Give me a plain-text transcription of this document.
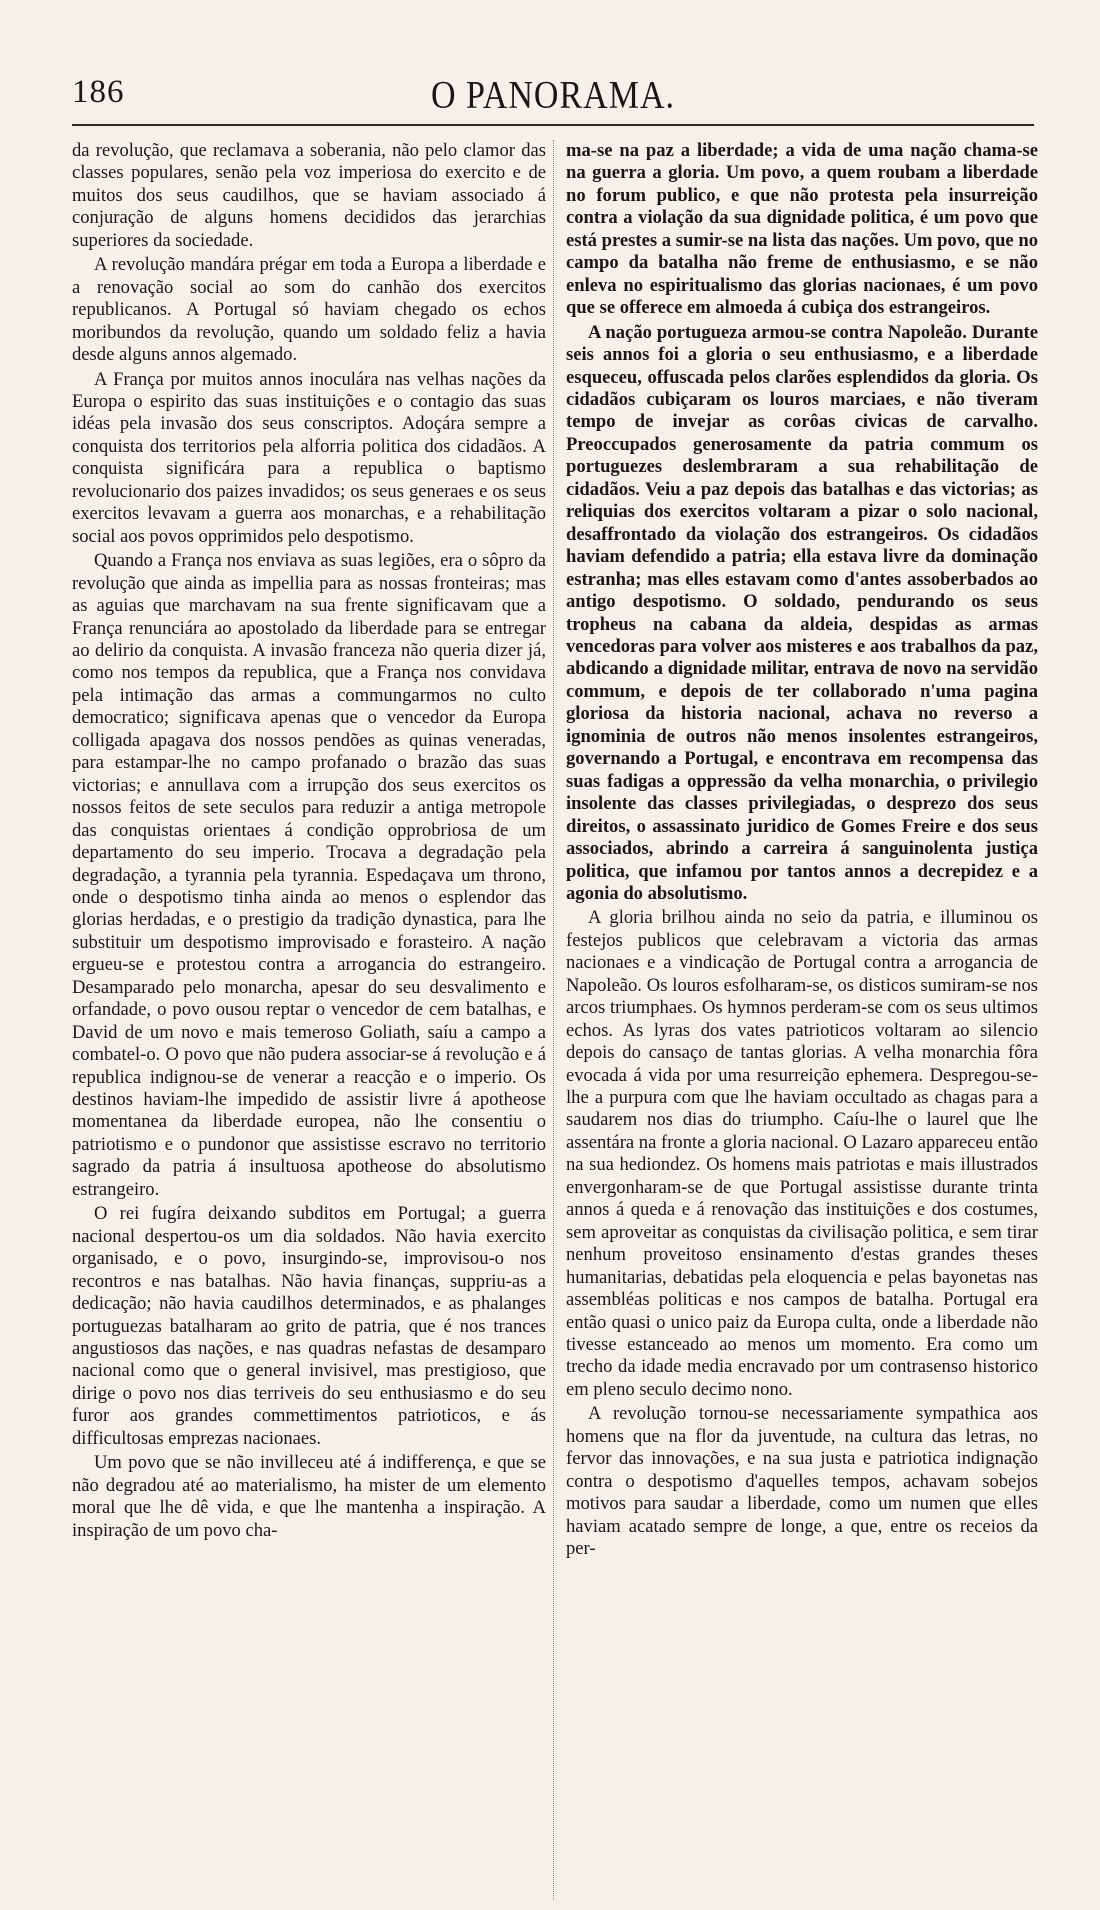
186	O PANORAMA.

da revolução, que reclamava a soberania, não pelo clamor das classes populares, senão pela voz imperiosa do exercito e de muitos dos seus caudilhos, que se haviam associado á conjuração de alguns homens decididos das jerarchias superiores da sociedade.

A revolução mandára prégar em toda a Europa a liberdade e a renovação social ao som do canhão dos exercitos republicanos. A Portugal só haviam chegado os echos moribundos da revolução, quando um soldado feliz a havia desde alguns annos algemado.

A França por muitos annos inoculára nas velhas nações da Europa o espirito das suas instituições e o contagio das suas idéas pela invasão dos seus conscriptos. Adoçára sempre a conquista dos territorios pela alforria politica dos cidadãos. A conquista significára para a republica o baptismo revolucionario dos paizes invadidos; os seus generaes e os seus exercitos levavam a guerra aos monarchas, e a rehabilitação social aos povos opprimidos pelo despotismo.

Quando a França nos enviava as suas legiões, era o sôpro da revolução que ainda as impellia para as nossas fronteiras; mas as aguias que marchavam na sua frente significavam que a França renunciára ao apostolado da liberdade para se entregar ao delirio da conquista. A invasão franceza não queria dizer já, como nos tempos da republica, que a França nos convidava pela intimação das armas a commungarmos no culto democratico; significava apenas que o vencedor da Europa colligada apagava dos nossos pendões as quinas veneradas, para estampar-lhe no campo profanado o brazão das suas victorias; e annullava com a irrupção dos seus exercitos os nossos feitos de sete seculos para reduzir a antiga metropole das conquistas orientaes á condição opprobriosa de um departamento do seu imperio. Trocava a degradação pela degradação, a tyrannia pela tyrannia. Espedaçava um throno, onde o despotismo tinha ainda ao menos o esplendor das glorias herdadas, e o prestigio da tradição dynastica, para lhe substituir um despotismo improvisado e forasteiro. A nação ergueu-se e protestou contra a arrogancia do estrangeiro. Desamparado pelo monarcha, apesar do seu desvalimento e orfandade, o povo ousou reptar o vencedor de cem batalhas, e David de um novo e mais temeroso Goliath, saíu a campo a combatel-o. O povo que não pudera associar-se á revolução e á republica indignou-se de venerar a reacção e o imperio. Os destinos haviam-lhe impedido de assistir livre á apotheose momentanea da liberdade europea, não lhe consentiu o patriotismo e o pundonor que assistisse escravo no territorio sagrado da patria á insultuosa apotheose do absolutismo estrangeiro.

O rei fugíra deixando subditos em Portugal; a guerra nacional despertou-os um dia soldados. Não havia exercito organisado, e o povo, insurgindo-se, improvisou-o nos recontros e nas batalhas. Não havia finanças, suppriu-as a dedicação; não havia caudilhos determinados, e as phalanges portuguezas batalharam ao grito de patria, que é nos trances angustiosos das nações, e nas quadras nefastas de desamparo nacional como que o general invisivel, mas prestigioso, que dirige o povo nos dias terriveis do seu enthusiasmo e do seu furor aos grandes commettimentos patrioticos, e ás difficultosas emprezas nacionaes.

Um povo que se não invilleceu até á indifferença, e que se não degradou até ao materialismo, ha mister de um elemento moral que lhe dê vida, e que lhe mantenha a inspiração. A inspiração de um povo cha-

ma-se na paz a liberdade; a vida de uma nação chama-se na guerra a gloria. Um povo, a quem roubam a liberdade no forum publico, e que não protesta pela insurreição contra a violação da sua dignidade politica, é um povo que está prestes a sumir-se na lista das nações. Um povo, que no campo da batalha não freme de enthusiasmo, e se não enleva no espiritualismo das glorias nacionaes, é um povo que se offerece em almoeda á cubiça dos estrangeiros.

A nação portugueza armou-se contra Napoleão. Durante seis annos foi a gloria o seu enthusiasmo, e a liberdade esqueceu, offuscada pelos clarões esplendidos da gloria. Os cidadãos cubiçaram os louros marciaes, e não tiveram tempo de invejar as corôas civicas de carvalho. Preoccupados generosamente da patria commum os portuguezes deslembraram a sua rehabilitação de cidadãos. Veiu a paz depois das batalhas e das victorias; as reliquias dos exercitos voltaram a pizar o solo nacional, desaffrontado da violação dos estrangeiros. Os cidadãos haviam defendido a patria; ella estava livre da dominação estranha; mas elles estavam como d'antes assoberbados ao antigo despotismo. O soldado, pendurando os seus tropheus na cabana da aldeia, despidas as armas vencedoras para volver aos misteres e aos trabalhos da paz, abdicando a dignidade militar, entrava de novo na servidão commum, e depois de ter collaborado n'uma pagina gloriosa da historia nacional, achava no reverso a ignominia de outros não menos insolentes estrangeiros, governando a Portugal, e encontrava em recompensa das suas fadigas a oppressão da velha monarchia, o privilegio insolente das classes privilegiadas, o desprezo dos seus direitos, o assassinato juridico de Gomes Freire e dos seus associados, abrindo a carreira á sanguinolenta justiça politica, que infamou por tantos annos a decrepidez e a agonia do absolutismo.

A gloria brilhou ainda no seio da patria, e illuminou os festejos publicos que celebravam a victoria das armas nacionaes e a vindicação de Portugal contra a arrogancia de Napoleão. Os louros esfolharam-se, os disticos sumiram-se nos arcos triumphaes. Os hymnos perderam-se com os seus ultimos echos. As lyras dos vates patrioticos voltaram ao silencio depois do cansaço de tantas glorias. A velha monarchia fôra evocada á vida por uma resurreição ephemera. Despregou-se-lhe a purpura com que lhe haviam occultado as chagas para a saudarem nos dias do triumpho. Caíu-lhe o laurel que lhe assentára na fronte a gloria nacional. O Lazaro appareceu então na sua hediondez. Os homens mais patriotas e mais illustrados envergonharam-se de que Portugal assistisse durante trinta annos á queda e á renovação das instituições e dos costumes, sem aproveitar as conquistas da civilisação politica, e sem tirar nenhum proveitoso ensinamento d'estas grandes theses humanitarias, debatidas pela eloquencia e pelas bayonetas nas assembléas politicas e nos campos de batalha. Portugal era então quasi o unico paiz da Europa culta, onde a liberdade não tivesse estanceado ao menos um momento. Era como um trecho da idade media encravado por um contrasenso historico em pleno seculo decimo nono.

A revolução tornou-se necessariamente sympathica aos homens que na flor da juventude, na cultura das letras, no fervor das innovações, e na sua justa e patriotica indignação contra o despotismo d'aquelles tempos, achavam sobejos motivos para saudar a liberdade, como um numen que elles haviam acatado sempre de longe, a que, entre os receios da per-
